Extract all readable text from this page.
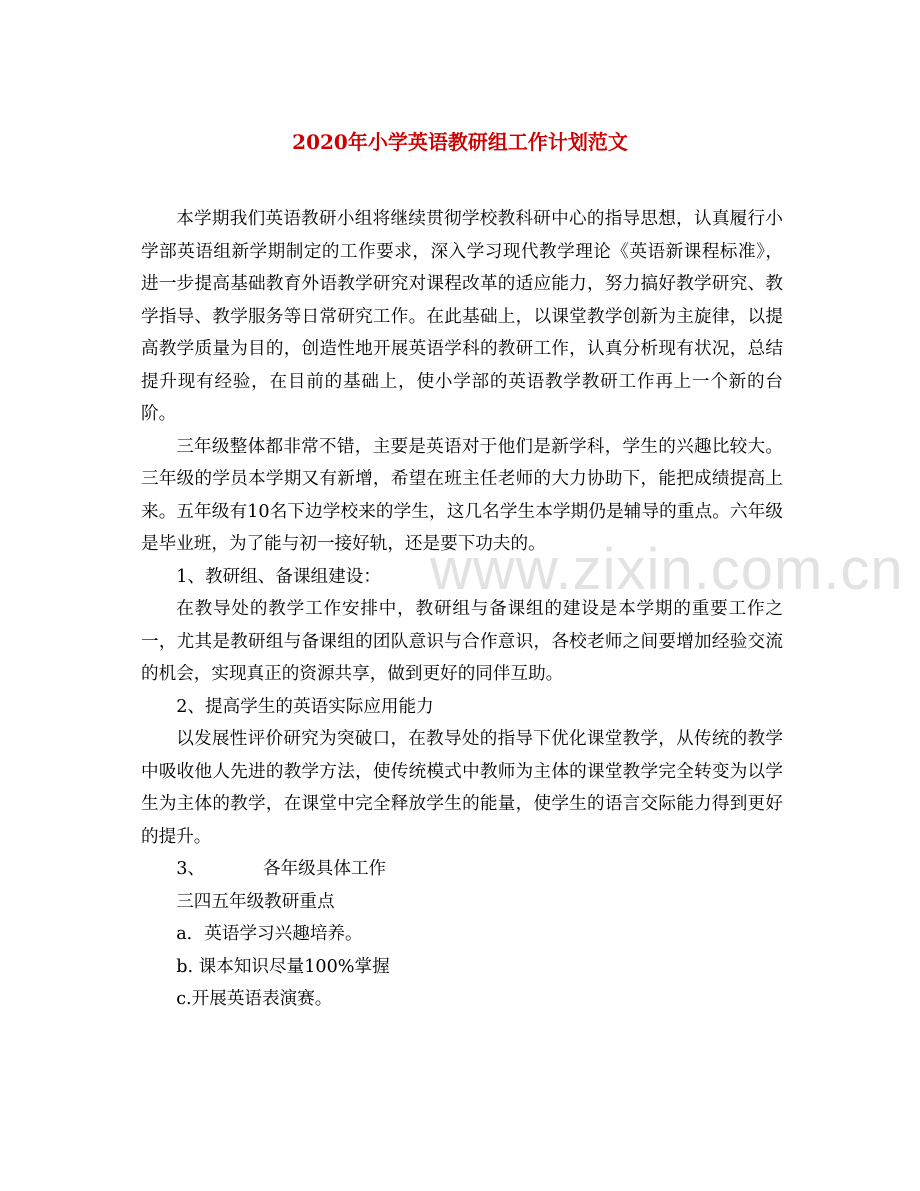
www.zixin.com.cn
2020年小学英语教研组工作计划范文

本学期我们英语教研小组将继续贯彻学校教科研中心的指导思想，认真履行小学部英语组新学期制定的工作要求，深入学习现代教学理论《英语新课程标准》，进一步提高基础教育外语教学研究对课程改革的适应能力，努力搞好教学研究、教学指导、教学服务等日常研究工作。在此基础上，以课堂教学创新为主旋律，以提高教学质量为目的，创造性地开展英语学科的教研工作，认真分析现有状况，总结提升现有经验，在目前的基础上，使小学部的英语教学教研工作再上一个新的台阶。

三年级整体都非常不错，主要是英语对于他们是新学科，学生的兴趣比较大。三年级的学员本学期又有新增，希望在班主任老师的大力协助下，能把成绩提高上来。五年级有10名下边学校来的学生，这几名学生本学期仍是辅导的重点。六年级是毕业班，为了能与初一接好轨，还是要下功夫的。

1、教研组、备课组建设：

在教导处的教学工作安排中，教研组与备课组的建设是本学期的重要工作之一，尤其是教研组与备课组的团队意识与合作意识，各校老师之间要增加经验交流的机会，实现真正的资源共享，做到更好的同伴互助。

2、提高学生的英语实际应用能力

以发展性评价研究为突破口，在教导处的指导下优化课堂教学，从传统的教学中吸收他人先进的教学方法，使传统模式中教师为主体的课堂教学完全转变为以学生为主体的教学，在课堂中完全释放学生的能量，使学生的语言交际能力得到更好的提升。

3、	各年级具体工作

三四五年级教研重点

a．英语学习兴趣培养。

b. 课本知识尽量100%掌握

c.开展英语表演赛。
